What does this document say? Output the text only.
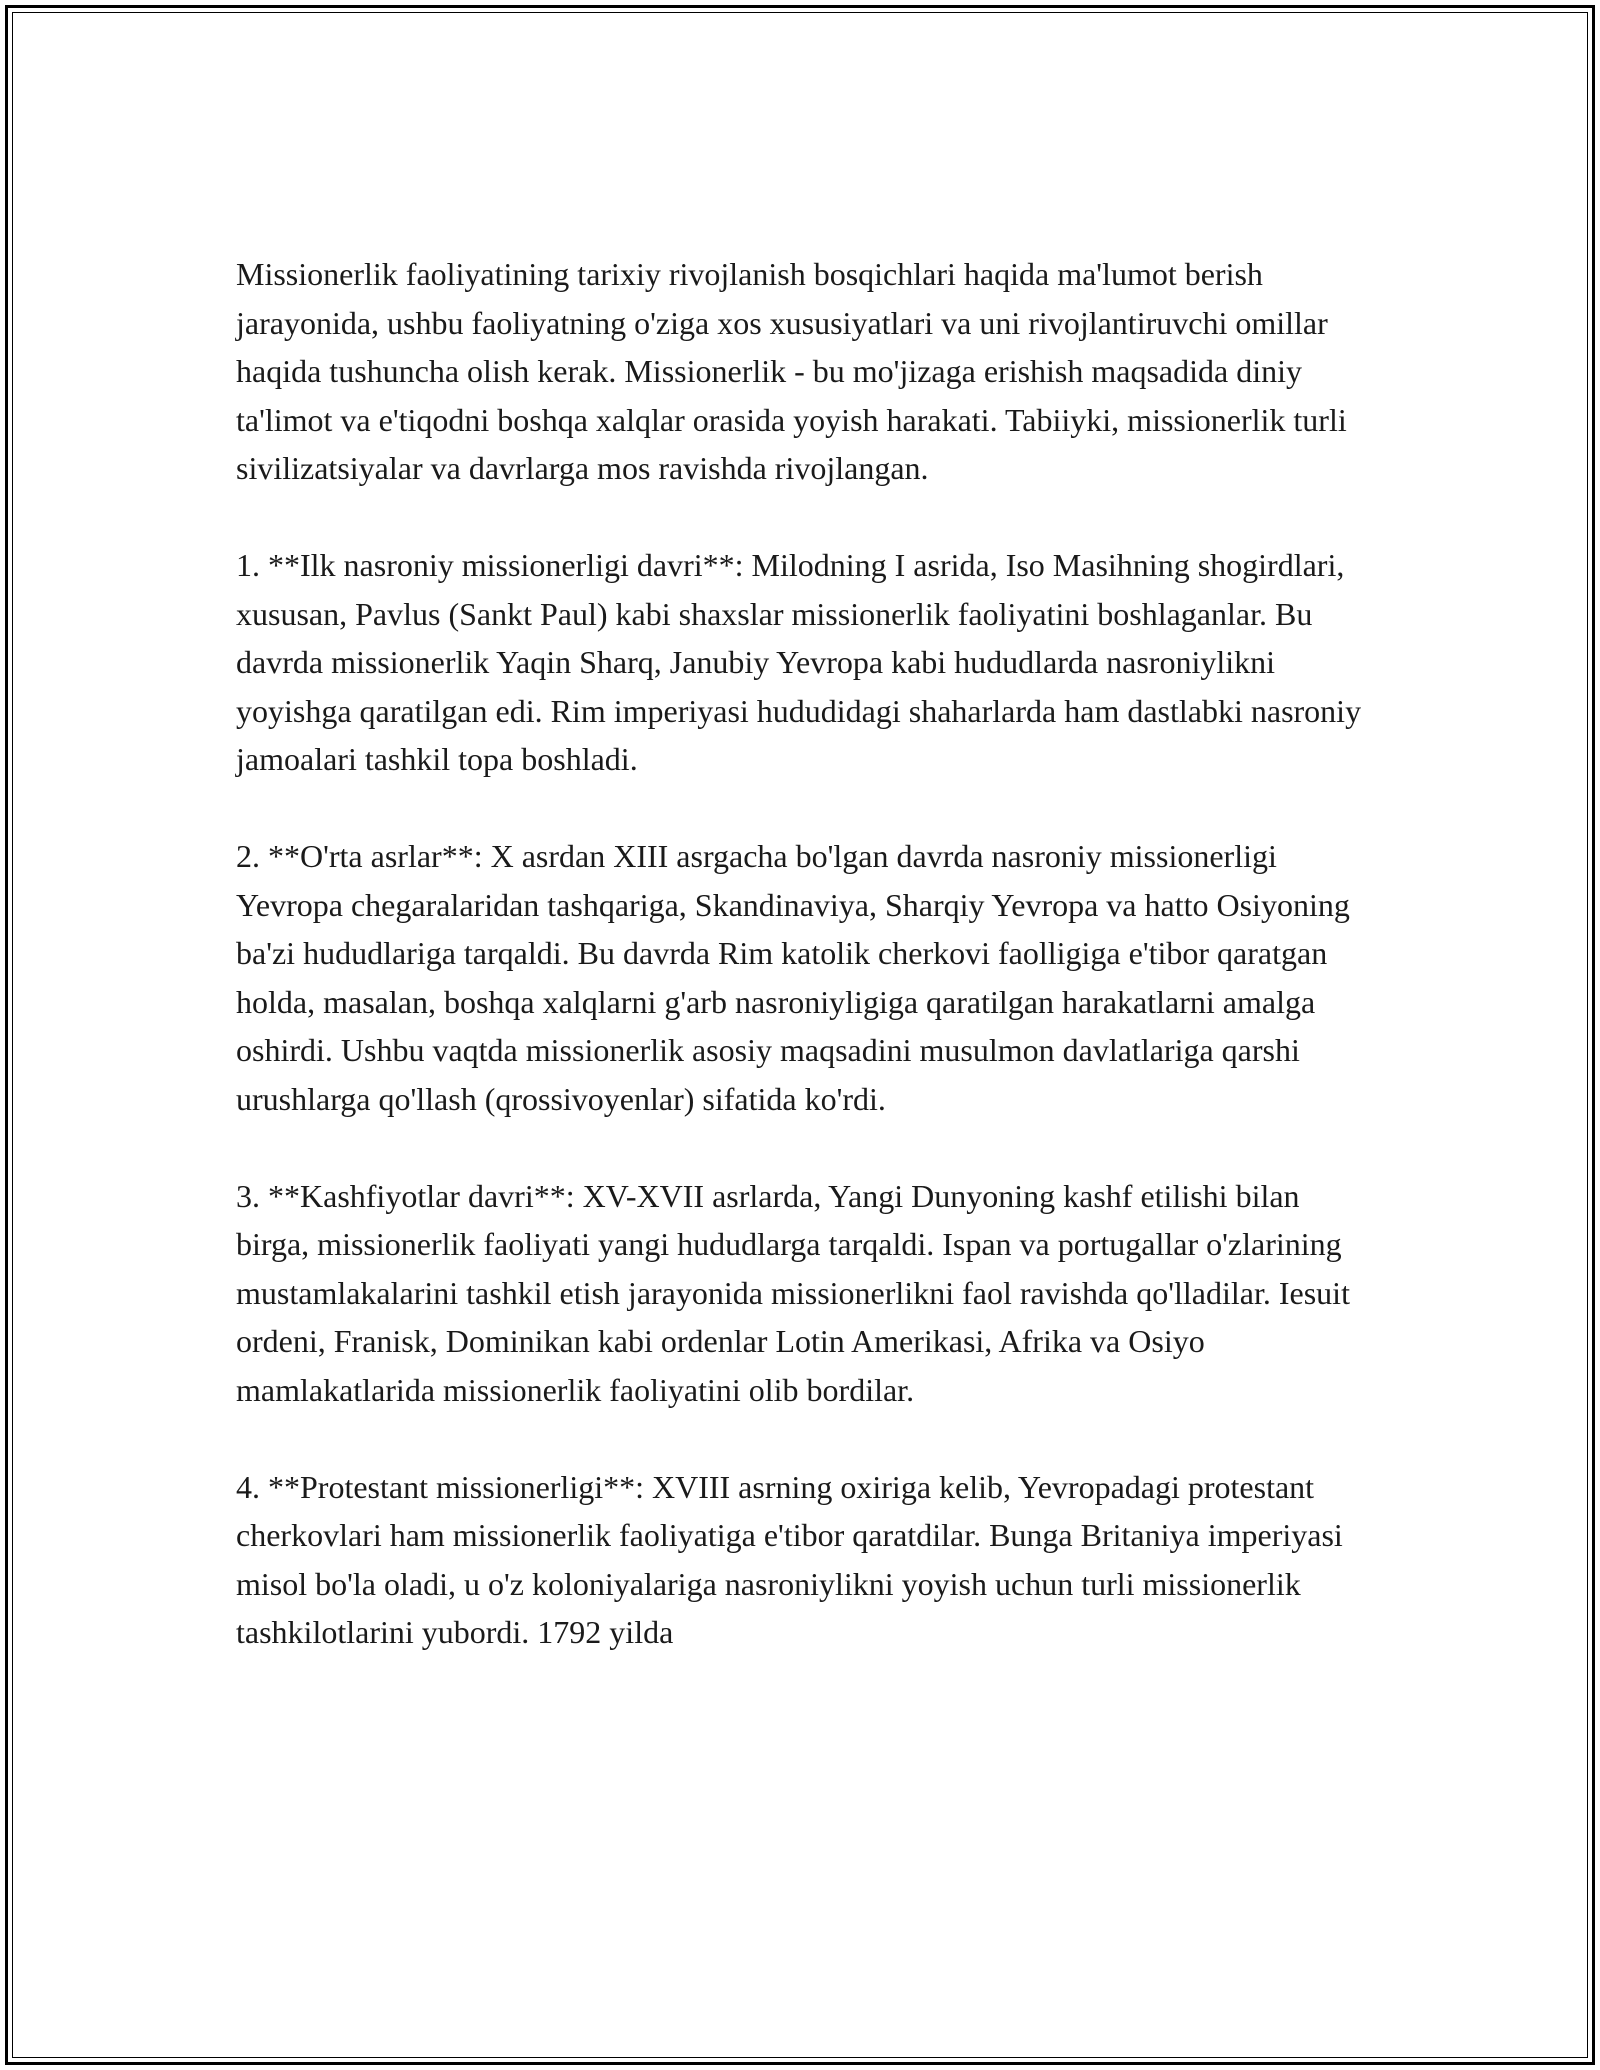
Missionerlik faoliyatining tarixiy rivojlanish bosqichlari haqida ma'lumot berish jarayonida, ushbu faoliyatning o'ziga xos xususiyatlari va uni rivojlantiruvchi omillar haqida tushuncha olish kerak. Missionerlik - bu mo'jizaga erishish maqsadida diniy ta'limot va e'tiqodni boshqa xalqlar orasida yoyish harakati. Tabiiyki, missionerlik turli sivilizatsiyalar va davrlarga mos ravishda rivojlangan.

1. **Ilk nasroniy missionerligi davri**: Milodning I asrida, Iso Masihning shogirdlari, xususan, Pavlus (Sankt Paul) kabi shaxslar missionerlik faoliyatini boshlaganlar. Bu davrda missionerlik Yaqin Sharq, Janubiy Yevropa kabi hududlarda nasroniylikni yoyishga qaratilgan edi. Rim imperiyasi hududidagi shaharlarda ham dastlabki nasroniy jamoalari tashkil topa boshladi.

2. **O'rta asrlar**: X asrdan XIII asrgacha bo'lgan davrda nasroniy missionerligi Yevropa chegaralaridan tashqariga, Skandinaviya, Sharqiy Yevropa va hatto Osiyoning ba'zi hududlariga tarqaldi. Bu davrda Rim katolik cherkovi faolligiga e'tibor qaratgan holda, masalan, boshqa xalqlarni g'arb nasroniyligiga qaratilgan harakatlarni amalga oshirdi. Ushbu vaqtda missionerlik asosiy maqsadini musulmon davlatlariga qarshi urushlarga qo'llash (qrossivoyenlar) sifatida ko'rdi.

3. **Kashfiyotlar davri**: XV-XVII asrlarda, Yangi Dunyoning kashf etilishi bilan birga, missionerlik faoliyati yangi hududlarga tarqaldi. Ispan va portugallar o'zlarining mustamlakalarini tashkil etish jarayonida missionerlikni faol ravishda qo'lladilar. Iesuit ordeni, Franisk, Dominikan kabi ordenlar Lotin Amerikasi, Afrika va Osiyo mamlakatlarida missionerlik faoliyatini olib bordilar.

4. **Protestant missionerligi**: XVIII asrning oxiriga kelib, Yevropadagi protestant cherkovlari ham missionerlik faoliyatiga e'tibor qaratdilar. Bunga Britaniya imperiyasi misol bo'la oladi, u o'z koloniyalariga nasroniylikni yoyish uchun turli missionerlik tashkilotlarini yubordi. 1792 yilda
